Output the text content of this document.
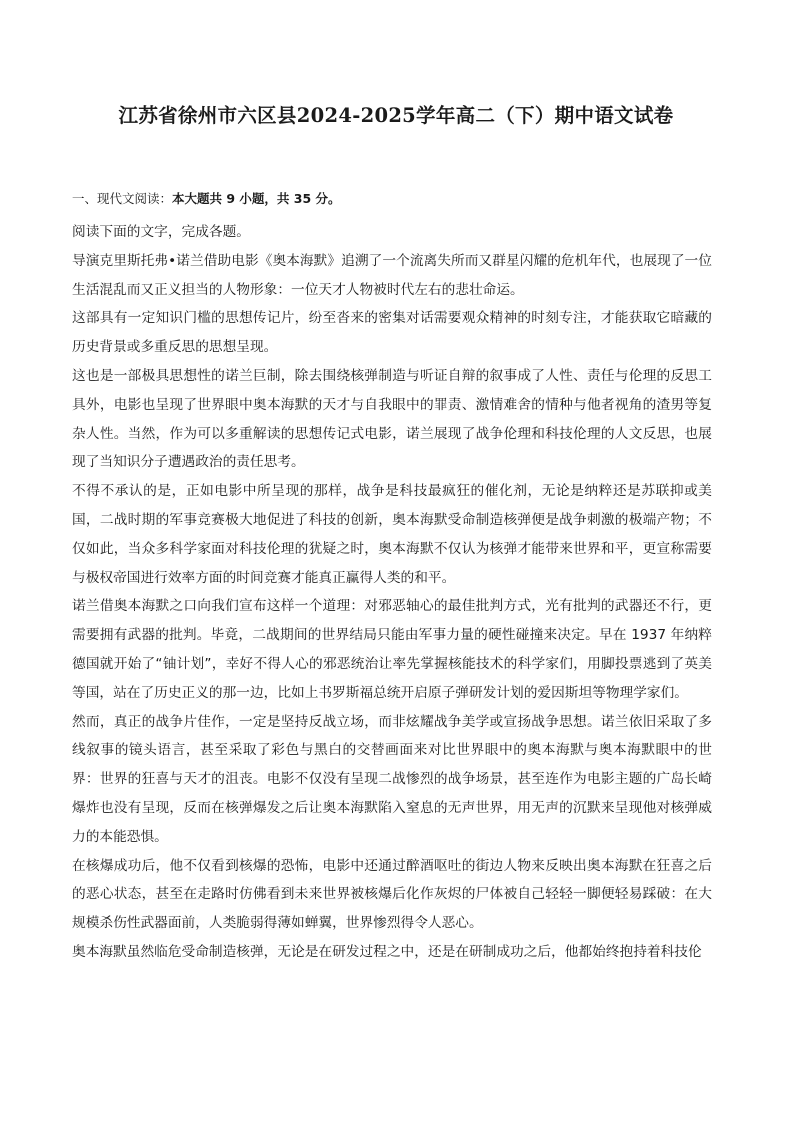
江苏省徐州市六区县2024-2025学年高二（下）期中语文试卷
一、现代文阅读：本大题共 9 小题，共 35 分。

阅读下面的文字，完成各题。

导演克里斯托弗•诺兰借助电影《奥本海默》追溯了一个流离失所而又群星闪耀的危机年代，也展现了一位生活混乱而又正义担当的人物形象：一位天才人物被时代左右的悲壮命运。

这部具有一定知识门槛的思想传记片，纷至沓来的密集对话需要观众精神的时刻专注，才能获取它暗藏的历史背景或多重反思的思想呈现。

这也是一部极具思想性的诺兰巨制，除去围绕核弹制造与听证自辩的叙事成了人性、责任与伦理的反思工具外，电影也呈现了世界眼中奥本海默的天才与自我眼中的罪责、激情难舍的情种与他者视角的渣男等复杂人性。当然，作为可以多重解读的思想传记式电影，诺兰展现了战争伦理和科技伦理的人文反思，也展现了当知识分子遭遇政治的责任思考。

不得不承认的是，正如电影中所呈现的那样，战争是科技最疯狂的催化剂，无论是纳粹还是苏联抑或美国，二战时期的军事竞赛极大地促进了科技的创新，奥本海默受命制造核弹便是战争刺激的极端产物；不仅如此，当众多科学家面对科技伦理的犹疑之时，奥本海默不仅认为核弹才能带来世界和平，更宣称需要与极权帝国进行效率方面的时间竞赛才能真正赢得人类的和平。

诺兰借奥本海默之口向我们宣布这样一个道理：对邪恶轴心的最佳批判方式，光有批判的武器还不行，更需要拥有武器的批判。毕竟，二战期间的世界结局只能由军事力量的硬性碰撞来决定。早在 1937 年纳粹德国就开始了“铀计划”，幸好不得人心的邪恶统治让率先掌握核能技术的科学家们，用脚投票逃到了英美等国，站在了历史正义的那一边，比如上书罗斯福总统开启原子弹研发计划的爱因斯坦等物理学家们。

然而，真正的战争片佳作，一定是坚持反战立场，而非炫耀战争美学或宣扬战争思想。诺兰依旧采取了多线叙事的镜头语言，甚至采取了彩色与黑白的交替画面来对比世界眼中的奥本海默与奥本海默眼中的世界：世界的狂喜与天才的沮丧。电影不仅没有呈现二战惨烈的战争场景，甚至连作为电影主题的广岛长崎爆炸也没有呈现，反而在核弹爆发之后让奥本海默陷入窒息的无声世界，用无声的沉默来呈现他对核弹威力的本能恐惧。

在核爆成功后，他不仅看到核爆的恐怖，电影中还通过醉酒呕吐的街边人物来反映出奥本海默在狂喜之后的恶心状态，甚至在走路时仿佛看到未来世界被核爆后化作灰烬的尸体被自己轻轻一脚便轻易踩破：在大规模杀伤性武器面前，人类脆弱得薄如蝉翼，世界惨烈得令人恶心。

奥本海默虽然临危受命制造核弹，无论是在研发过程之中，还是在研制成功之后，他都始终抱持着科技伦
